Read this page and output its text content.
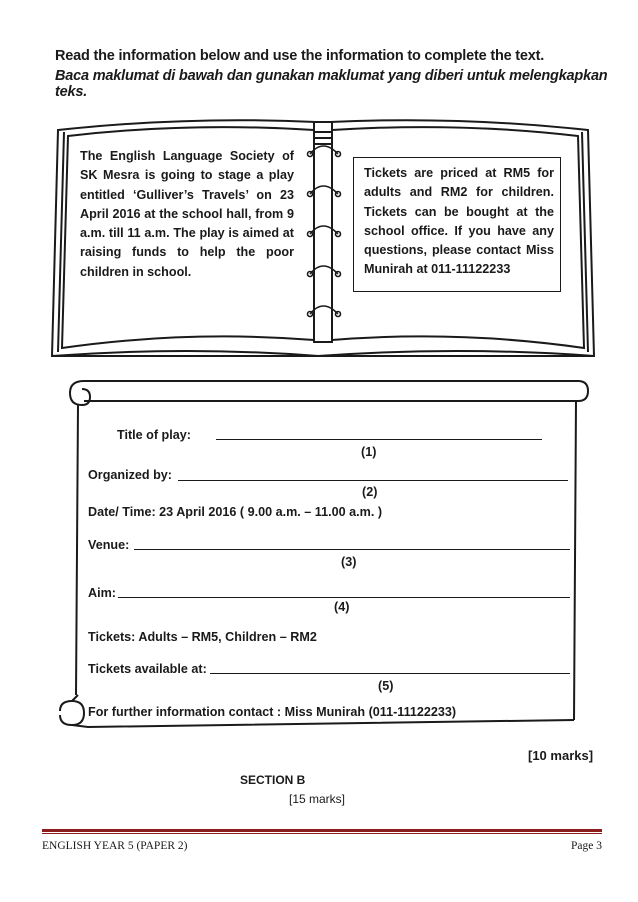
Read the information below and use the information to complete the text.
Baca maklumat di bawah dan gunakan maklumat yang diberi untuk melengkapkan teks.
The English Language Society of SK Mesra is going to stage a play entitled ‘Gulliver’s Travels’ on 23 April 2016 at the school hall, from 9 a.m. till 11 a.m. The play is aimed at raising funds to help the poor children in school.
Tickets are priced at RM5 for adults and RM2 for children. Tickets can be bought at the school office. If you have any questions, please contact Miss Munirah at 011-11122233
Title of play:
(1)
Organized by:
(2)
Date/ Time: 23 April 2016 ( 9.00 a.m. – 11.00 a.m. )
Venue:
(3)
Aim:
(4)
Tickets: Adults – RM5, Children – RM2
Tickets available at:
(5)
For further information contact : Miss Munirah (011-11122233)
[10 marks]
SECTION B
[15 marks]
ENGLISH YEAR 5 (PAPER 2)	Page 3
